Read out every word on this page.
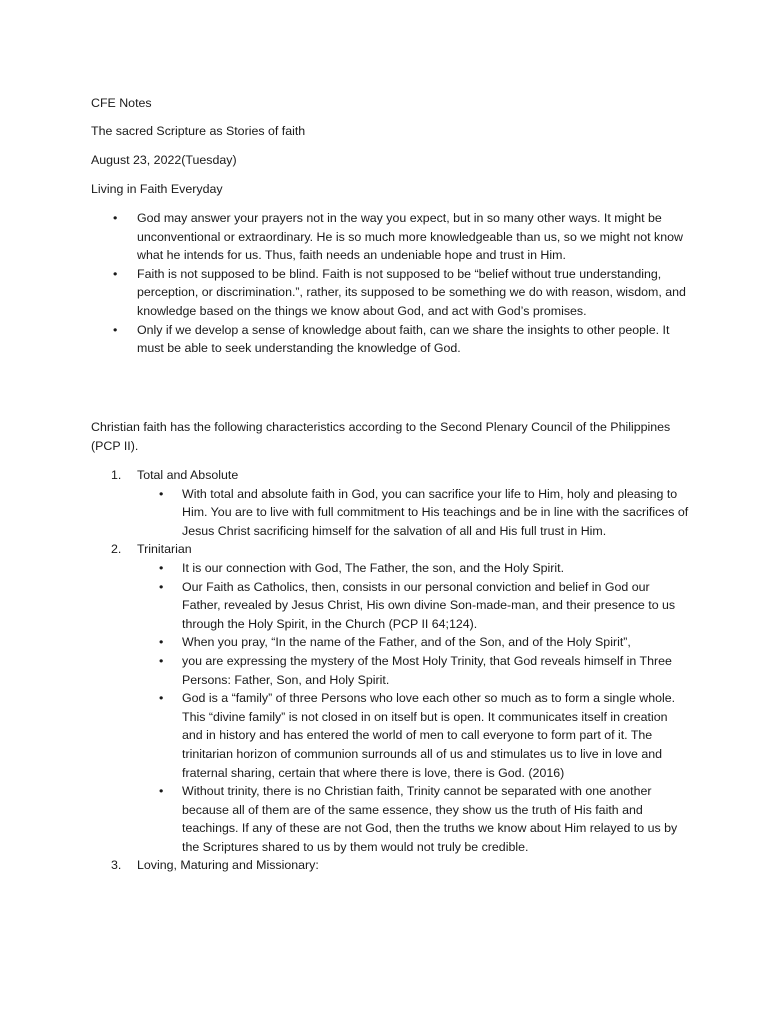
CFE Notes
The sacred Scripture as Stories of faith
August 23, 2022(Tuesday)
Living in Faith Everyday
• God may answer your prayers not in the way you expect, but in so many other ways. It might be unconventional or extraordinary. He is so much more knowledgeable than us, so we might not know what he intends for us. Thus, faith needs an undeniable hope and trust in Him.
• Faith is not supposed to be blind. Faith is not supposed to be “belief without true understanding, perception, or discrimination.”, rather, its supposed to be something we do with reason, wisdom, and knowledge based on the things we know about God, and act with God’s promises.
• Only if we develop a sense of knowledge about faith, can we share the insights to other people. It must be able to seek understanding the knowledge of God.
Christian faith has the following characteristics according to the Second Plenary Council of the Philippines (PCP II).
1. Total and Absolute
• With total and absolute faith in God, you can sacrifice your life to Him, holy and pleasing to Him. You are to live with full commitment to His teachings and be in line with the sacrifices of Jesus Christ sacrificing himself for the salvation of all and His full trust in Him.
2. Trinitarian
• It is our connection with God, The Father, the son, and the Holy Spirit.
• Our Faith as Catholics, then, consists in our personal conviction and belief in God our Father, revealed by Jesus Christ, His own divine Son-made-man, and their presence to us through the Holy Spirit, in the Church (PCP II 64;124).
• When you pray, “In the name of the Father, and of the Son, and of the Holy Spirit”,
• you are expressing the mystery of the Most Holy Trinity, that God reveals himself in Three Persons: Father, Son, and Holy Spirit.
• God is a “family” of three Persons who love each other so much as to form a single whole. This “divine family” is not closed in on itself but is open. It communicates itself in creation and in history and has entered the world of men to call everyone to form part of it. The trinitarian horizon of communion surrounds all of us and stimulates us to live in love and fraternal sharing, certain that where there is love, there is God. (2016)
• Without trinity, there is no Christian faith, Trinity cannot be separated with one another because all of them are of the same essence, they show us the truth of His faith and teachings. If any of these are not God, then the truths we know about Him relayed to us by the Scriptures shared to us by them would not truly be credible.
3. Loving, Maturing and Missionary:
